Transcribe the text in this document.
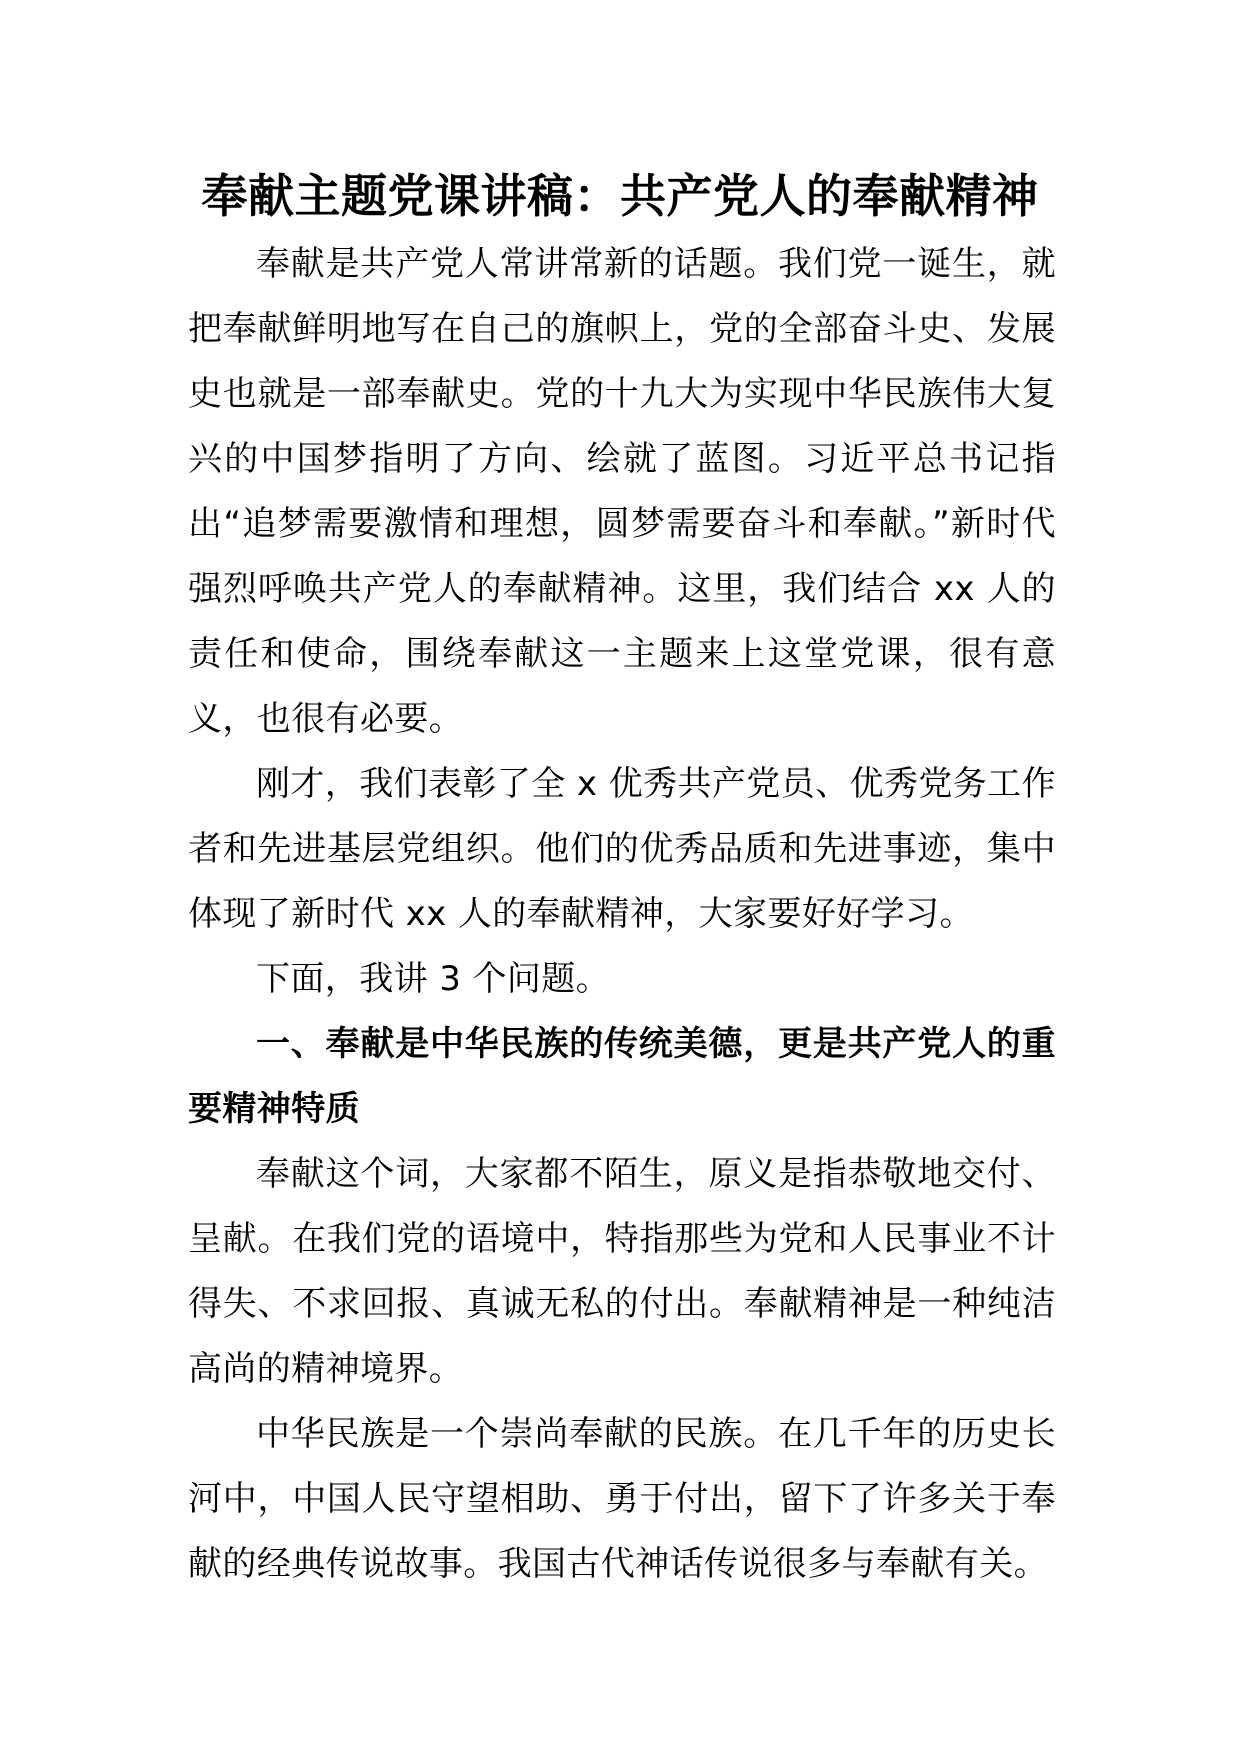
奉献主题党课讲稿：共产党人的奉献精神

奉献是共产党人常讲常新的话题。我们党一诞生，就把奉献鲜明地写在自己的旗帜上，党的全部奋斗史、发展史也就是一部奉献史。党的十九大为实现中华民族伟大复兴的中国梦指明了方向、绘就了蓝图。习近平总书记指出“追梦需要激情和理想，圆梦需要奋斗和奉献。”新时代强烈呼唤共产党人的奉献精神。这里，我们结合 xx 人的责任和使命，围绕奉献这一主题来上这堂党课，很有意义，也很有必要。

刚才，我们表彰了全 x 优秀共产党员、优秀党务工作者和先进基层党组织。他们的优秀品质和先进事迹，集中体现了新时代 xx 人的奉献精神，大家要好好学习。

下面，我讲 3 个问题。

一、奉献是中华民族的传统美德，更是共产党人的重要精神特质

奉献这个词，大家都不陌生，原义是指恭敬地交付、呈献。在我们党的语境中，特指那些为党和人民事业不计得失、不求回报、真诚无私的付出。奉献精神是一种纯洁高尚的精神境界。

中华民族是一个崇尚奉献的民族。在几千年的历史长河中，中国人民守望相助、勇于付出，留下了许多关于奉献的经典传说故事。我国古代神话传说很多与奉献有关。
